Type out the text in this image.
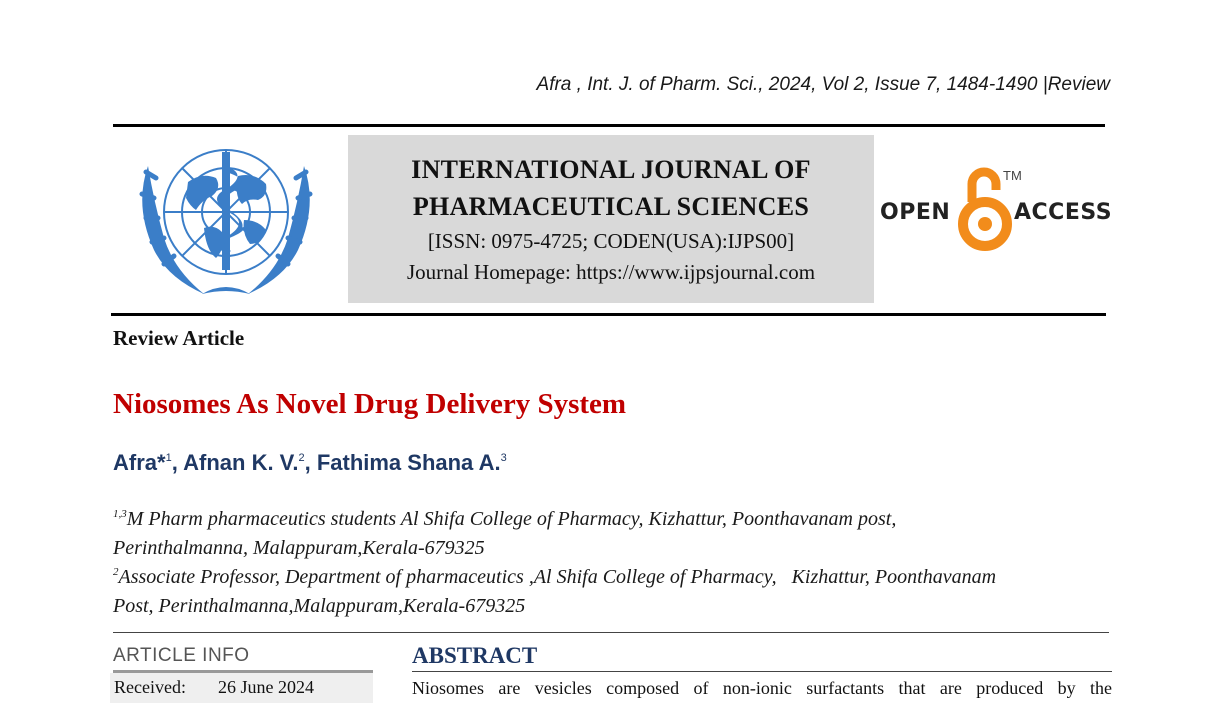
Afra , Int. J. of Pharm. Sci., 2024, Vol 2, Issue 7, 1484-1490 |Review
INTERNATIONAL JOURNAL OF
PHARMACEUTICAL SCIENCES
[ISSN: 0975-4725; CODEN(USA):IJPS00]
Journal Homepage: https://www.ijpsjournal.com
OPEN
TM
ACCESS
Review Article
Niosomes As Novel Drug Delivery System
Afra*$^1$, Afnan K. V.$^2$, Fathima Shana A.$^3$
$^{1,3}$M Pharm pharmaceutics students Al Shifa College of Pharmacy, Kizhattur, Poonthavanam post,
Perinthalmanna, Malappuram,Kerala-679325
$^2$Associate Professor, Department of pharmaceutics ,Al Shifa College of Pharmacy,   Kizhattur, Poonthavanam
Post, Perinthalmanna,Malappuram,Kerala-679325
ARTICLE INFO
Received: 26 June 2024
ABSTRACT
Niosomes are vesicles composed of non-ionic surfactants that are produced by the
